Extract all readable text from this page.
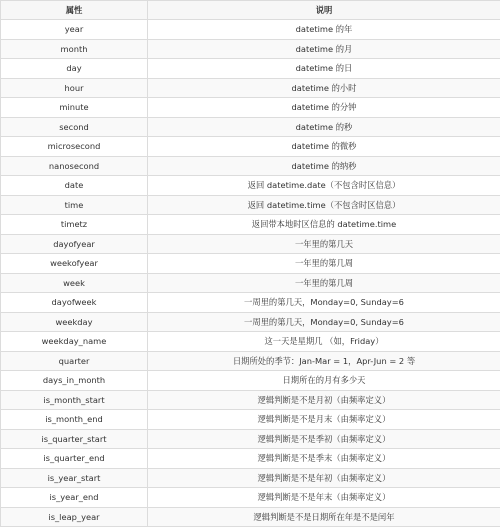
属性	说明
year	datetime 的年
month	datetime 的月
day	datetime 的日
hour	datetime 的小时
minute	datetime 的分钟
second	datetime 的秒
microsecond	datetime 的微秒
nanosecond	datetime 的纳秒
date	返回 datetime.date（不包含时区信息）
time	返回 datetime.time（不包含时区信息）
timetz	返回带本地时区信息的 datetime.time
dayofyear	一年里的第几天
weekofyear	一年里的第几周
week	一年里的第几周
dayofweek	一周里的第几天，Monday=0, Sunday=6
weekday	一周里的第几天，Monday=0, Sunday=6
weekday_name	这一天是星期几 （如，Friday）
quarter	日期所处的季节：Jan-Mar = 1，Apr-Jun = 2 等
days_in_month	日期所在的月有多少天
is_month_start	逻辑判断是不是月初（由频率定义）
is_month_end	逻辑判断是不是月末（由频率定义）
is_quarter_start	逻辑判断是不是季初（由频率定义）
is_quarter_end	逻辑判断是不是季末（由频率定义）
is_year_start	逻辑判断是不是年初（由频率定义）
is_year_end	逻辑判断是不是年末（由频率定义）
is_leap_year	逻辑判断是不是日期所在年是不是闰年
